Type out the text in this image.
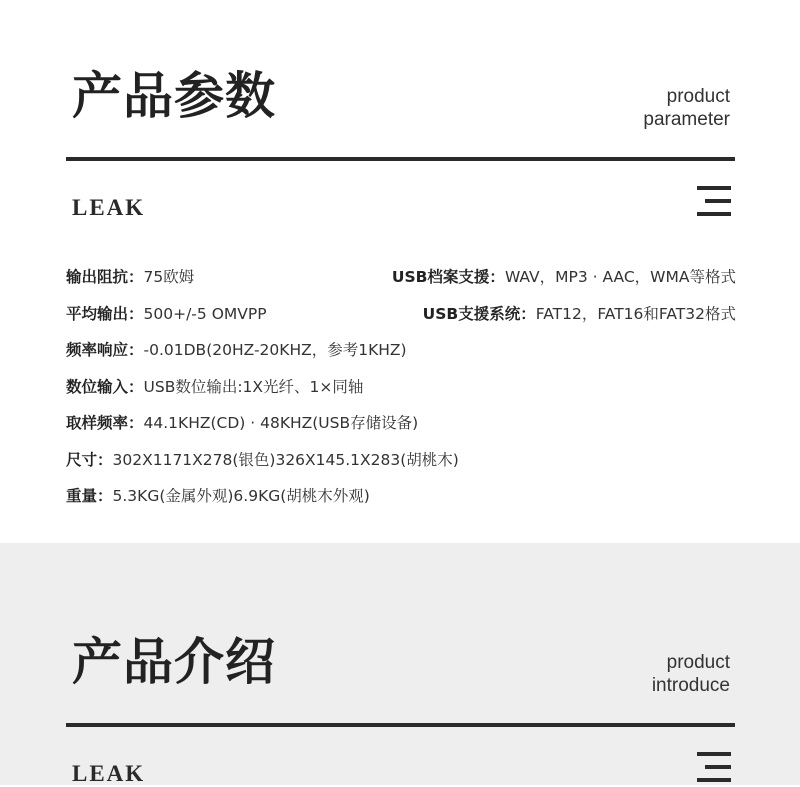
产品参数	product
parameter
LEAK
输出阻抗：75欧姆	USB档案支援：WAV，MP3 · AAC，WMA等格式
平均输出：500+/-5 OMVPP	USB支援系统：FAT12，FAT16和FAT32格式
频率响应：-0.01DB(20HZ-20KHZ，参考1KHZ)
数位输入：USB数位输出:1X光纤、1×同轴
取样频率：44.1KHZ(CD) · 48KHZ(USB存储设备)
尺寸：302X1171X278(银色)326X145.1X283(胡桃木)
重量：5.3KG(金属外观)6.9KG(胡桃木外观)
产品介绍	product
introduce
LEAK
